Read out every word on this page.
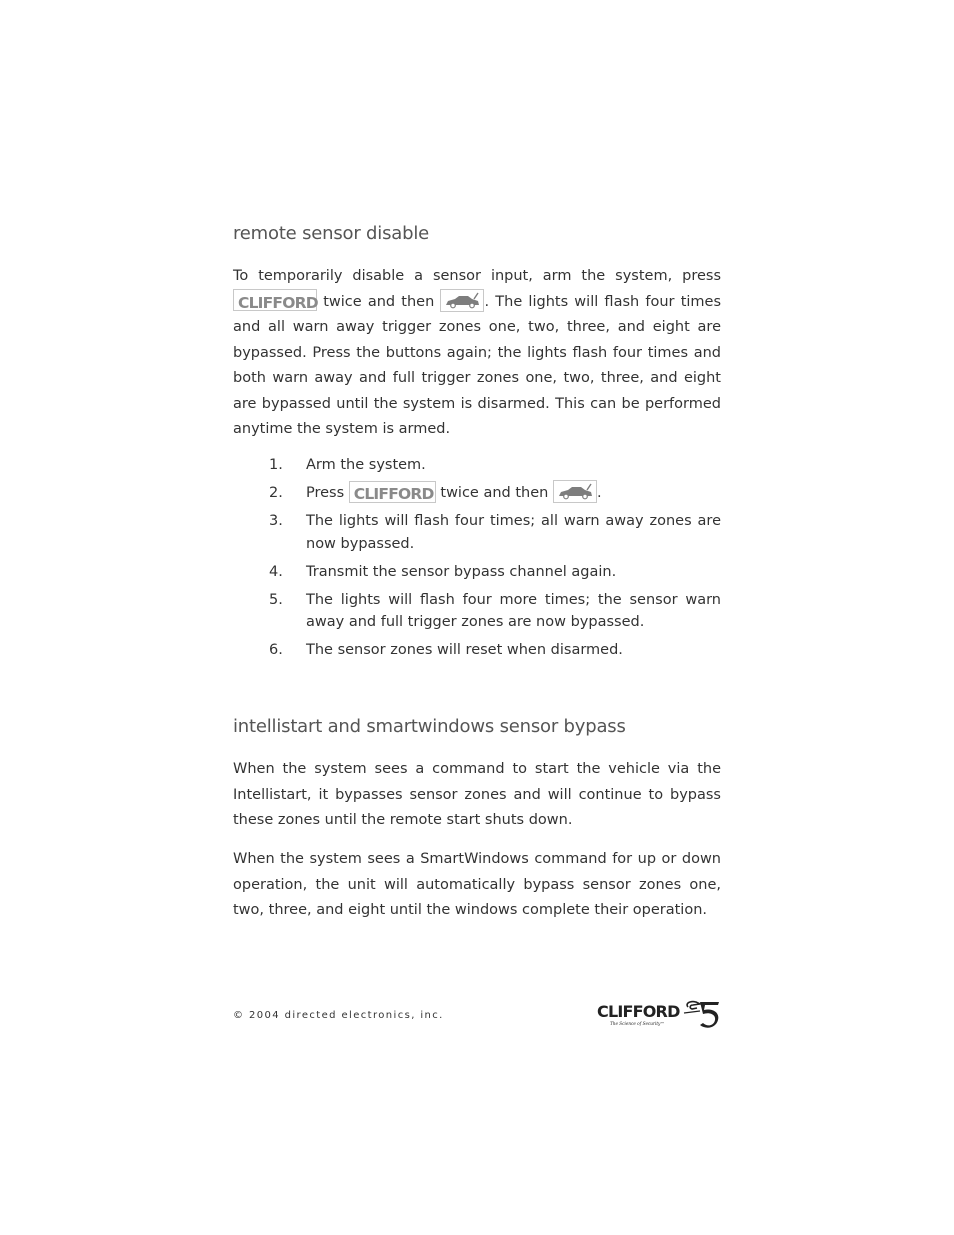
remote sensor disable

To temporarily disable a sensor input, arm the system, press
CLIFFORD twice and then	. The lights will flash four times and all warn away trigger zones one, two, three, and eight are bypassed. Press the buttons again; the lights flash four times and both warn away and full trigger zones one, two, three, and eight are bypassed until the system is disarmed. This can be performed anytime the system is armed.

1. Arm the system.
2. Press CLIFFORD twice and then	.
3. The lights will flash four times; all warn away zones are now bypassed.
4. Transmit the sensor bypass channel again.
5. The lights will flash four more times; the sensor warn away and full trigger zones are now bypassed.
6. The sensor zones will reset when disarmed.
intellistart and smartwindows sensor bypass

When the system sees a command to start the vehicle via the Intellistart, it bypasses sensor zones and will continue to bypass these zones until the remote start shuts down.

When the system sees a SmartWindows command for up or down operation, the unit will automatically bypass sensor zones one, two, three, and eight until the windows complete their operation.

© 2004 directed electronics, inc.	CLIFFORD
The Science of Security™
